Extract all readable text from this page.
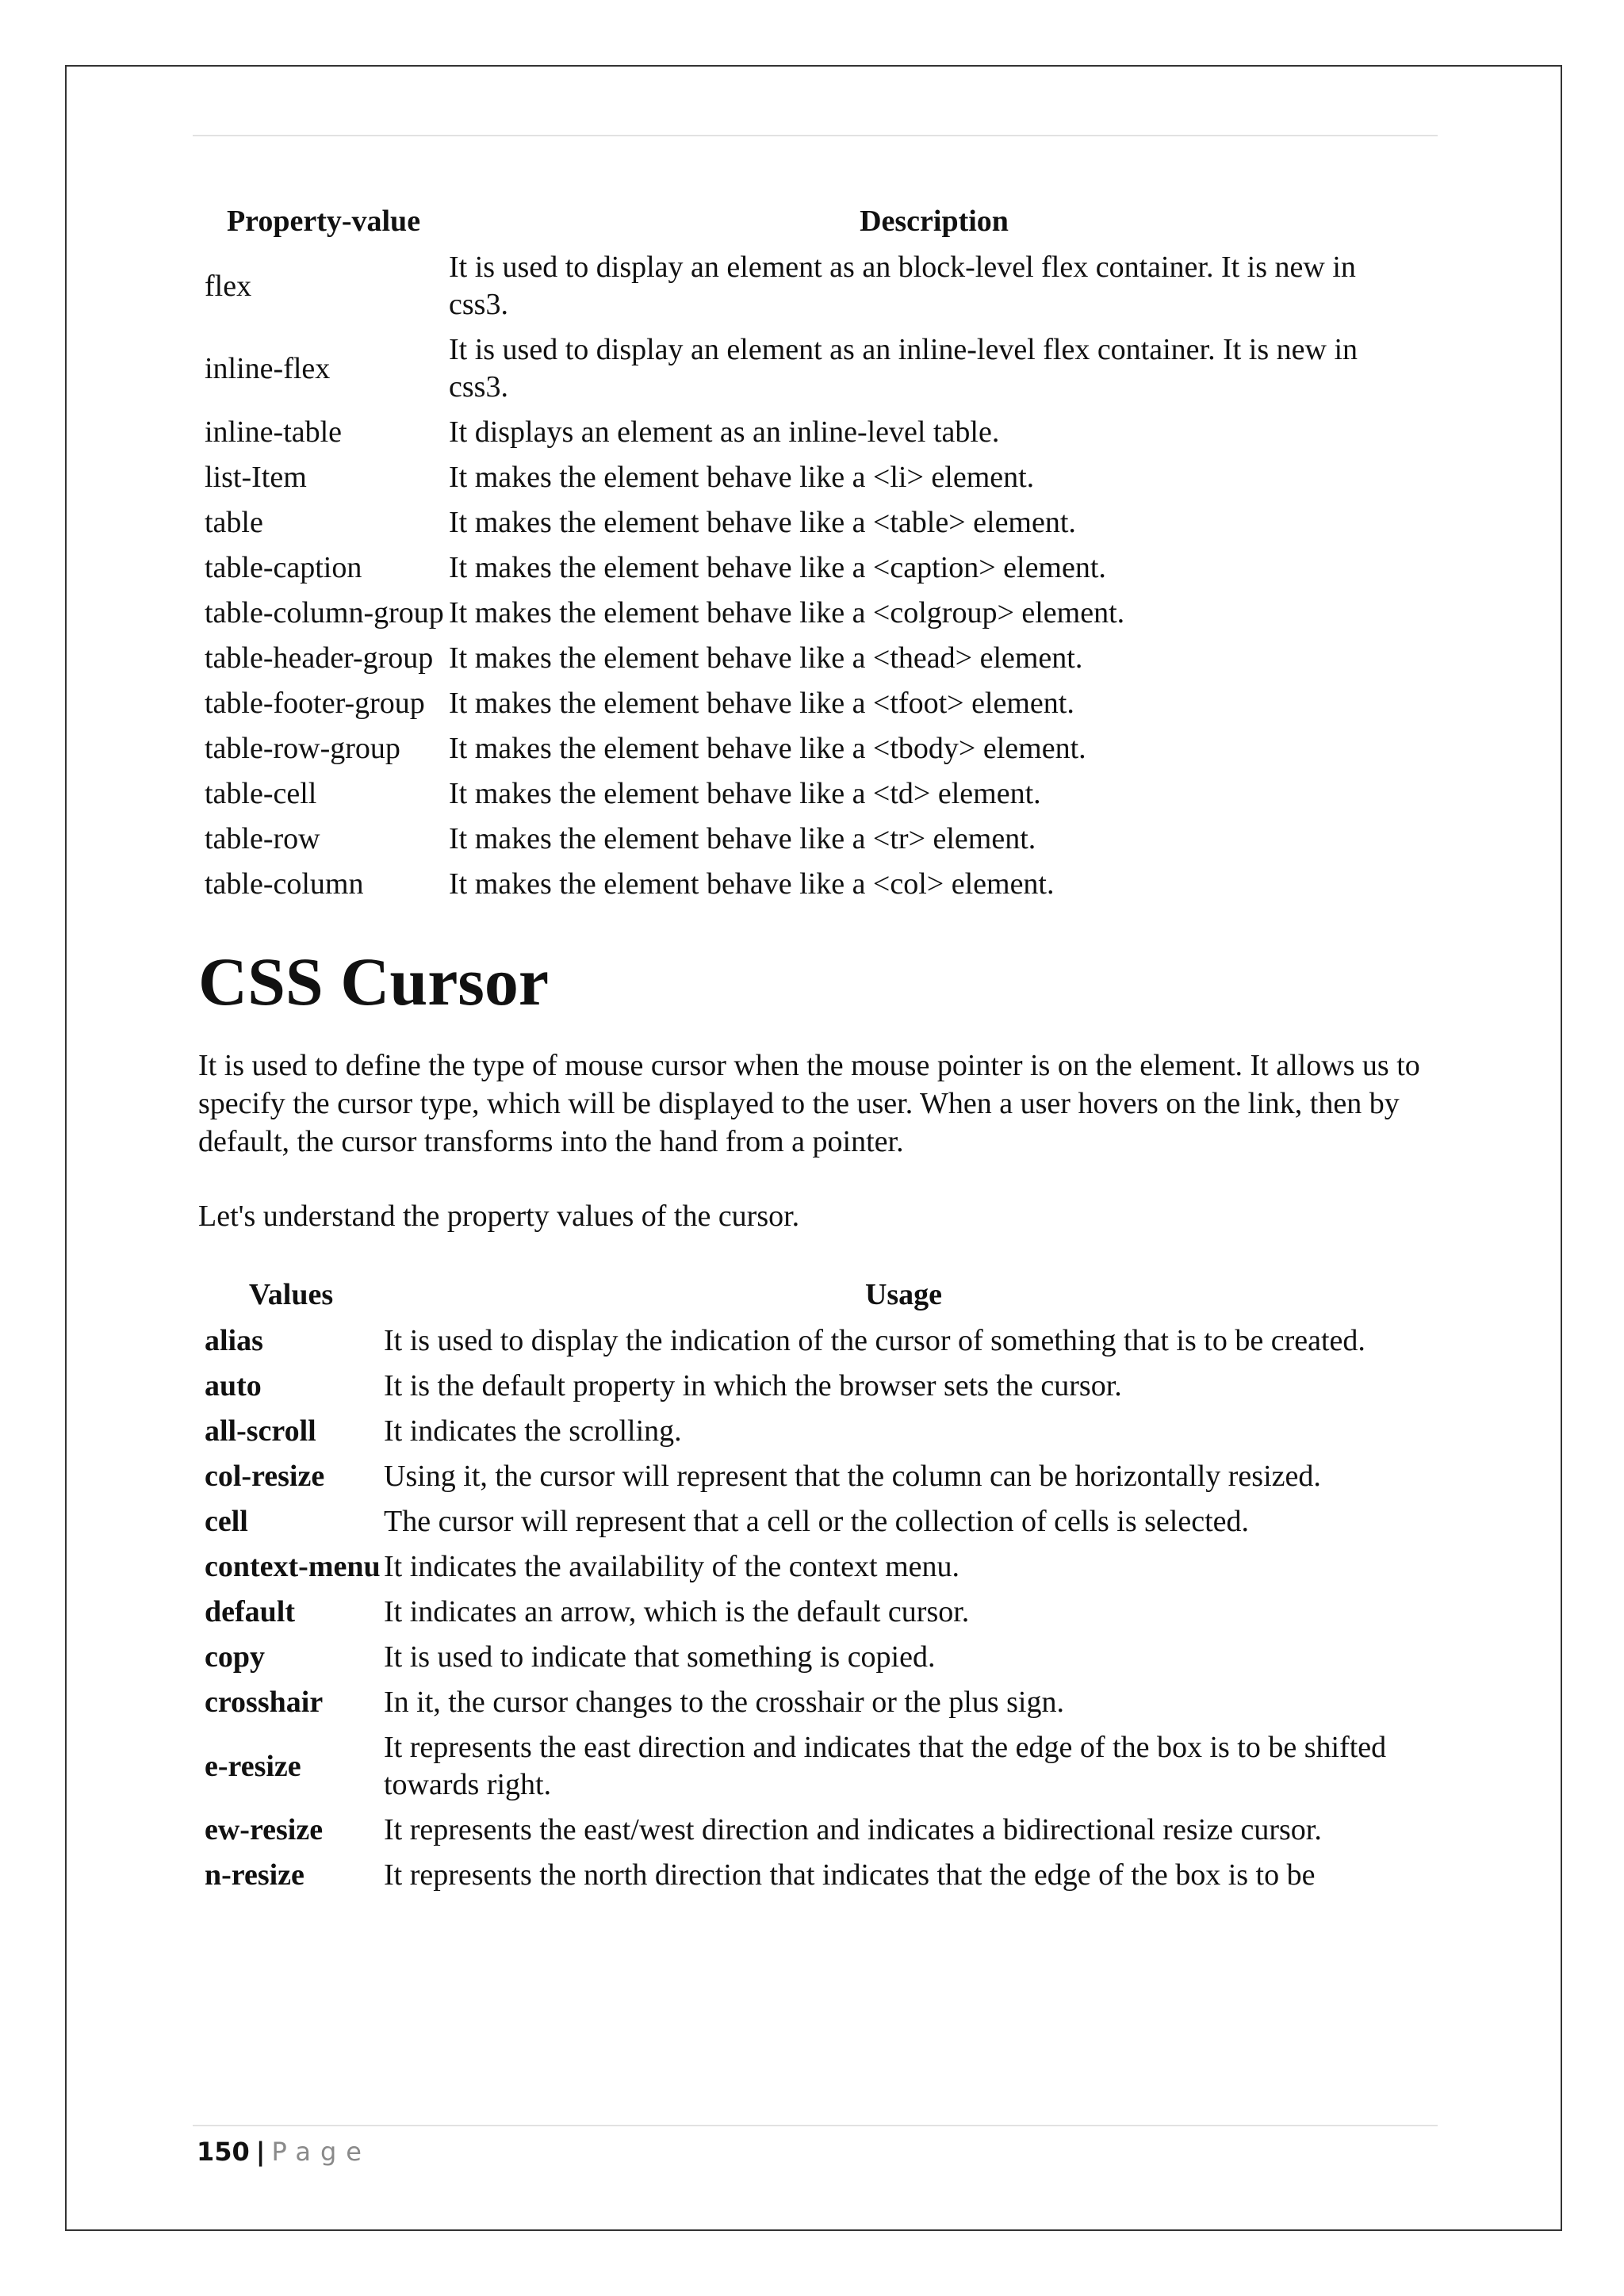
Property-value	Description
flex	It is used to display an element as an block-level flex container. It is new in css3.
inline-flex	It is used to display an element as an inline-level flex container. It is new in css3.
inline-table	It displays an element as an inline-level table.
list-Item	It makes the element behave like a <li> element.
table	It makes the element behave like a <table> element.
table-caption	It makes the element behave like a <caption> element.
table-column-group	It makes the element behave like a <colgroup> element.
table-header-group	It makes the element behave like a <thead> element.
table-footer-group	It makes the element behave like a <tfoot> element.
table-row-group	It makes the element behave like a <tbody> element.
table-cell	It makes the element behave like a <td> element.
table-row	It makes the element behave like a <tr> element.
table-column	It makes the element behave like a <col> element.
CSS Cursor

It is used to define the type of mouse cursor when the mouse pointer is on the element. It allows us to specify the cursor type, which will be displayed to the user. When a user hovers on the link, then by default, the cursor transforms into the hand from a pointer.

Let's understand the property values of the cursor.

Values	Usage
alias	It is used to display the indication of the cursor of something that is to be created.
auto	It is the default property in which the browser sets the cursor.
all-scroll	It indicates the scrolling.
col-resize	Using it, the cursor will represent that the column can be horizontally resized.
cell	The cursor will represent that a cell or the collection of cells is selected.
context-menu	It indicates the availability of the context menu.
default	It indicates an arrow, which is the default cursor.
copy	It is used to indicate that something is copied.
crosshair	In it, the cursor changes to the crosshair or the plus sign.
e-resize	It represents the east direction and indicates that the edge of the box is to be shifted towards right.
ew-resize	It represents the east/west direction and indicates a bidirectional resize cursor.
n-resize	It represents the north direction that indicates that the edge of the box is to be
150 | Page
